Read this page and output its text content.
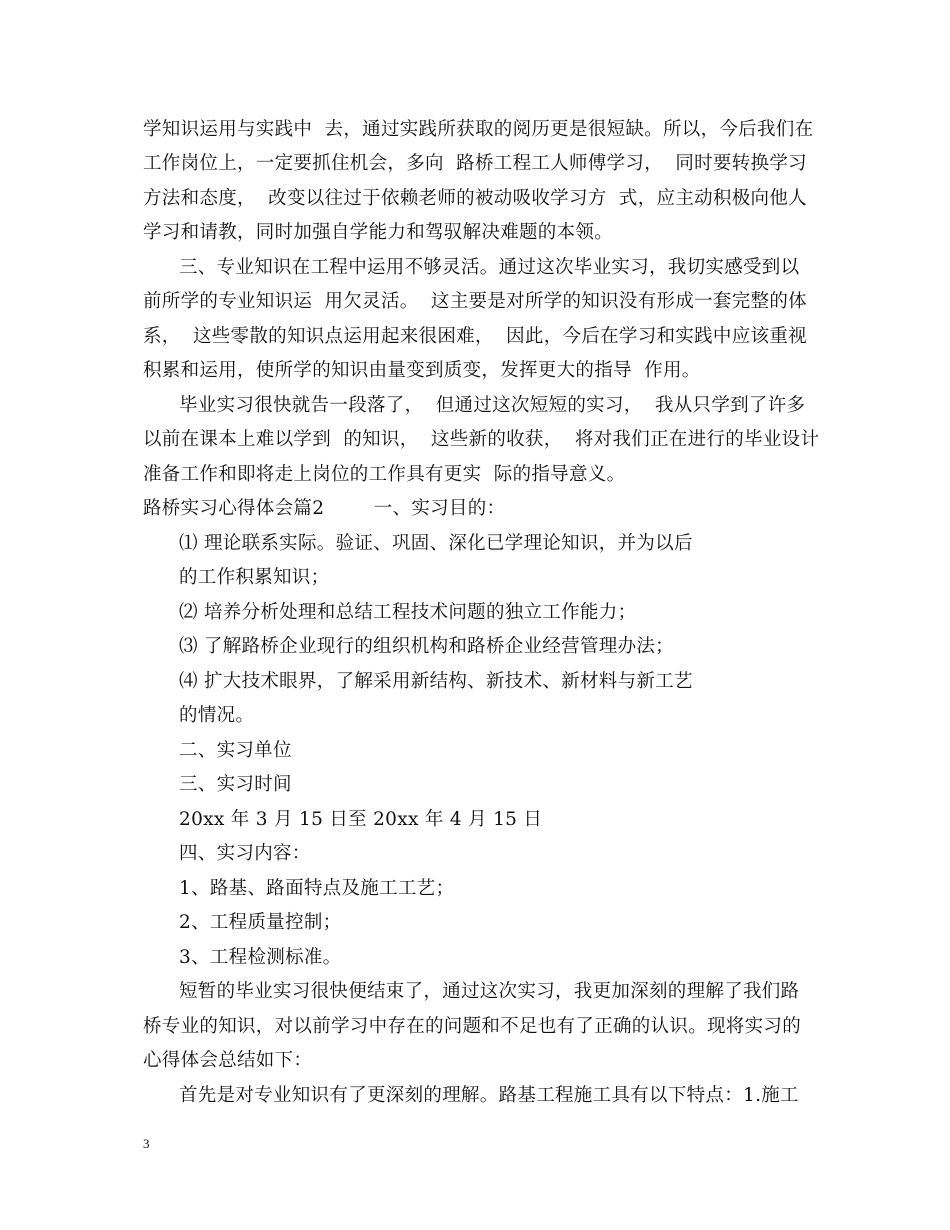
学知识运用与实践中  去，通过实践所获取的阅历更是很短缺。所以，今后我们在
工作岗位上，一定要抓住机会，多向  路桥工程工人师傅学习，  同时要转换学习
方法和态度，  改变以往过于依赖老师的被动吸收学习方  式，应主动积极向他人
学习和请教，同时加强自学能力和驾驭解决难题的本领。
三、专业知识在工程中运用不够灵活。通过这次毕业实习，我切实感受到以
前所学的专业知识运  用欠灵活。  这主要是对所学的知识没有形成一套完整的体
系，  这些零散的知识点运用起来很困难，  因此，今后在学习和实践中应该重视
积累和运用，使所学的知识由量变到质变，发挥更大的指导  作用。
毕业实习很快就告一段落了，  但通过这次短短的实习，  我从只学到了许多
以前在课本上难以学到  的知识，  这些新的收获，  将对我们正在进行的毕业设计
准备工作和即将走上岗位的工作具有更实  际的指导意义。
路桥实习心得体会篇2        一、实习目的：
⑴ 理论联系实际。验证、巩固、深化已学理论知识，并为以后
的工作积累知识；
⑵ 培养分析处理和总结工程技术问题的独立工作能力；
⑶ 了解路桥企业现行的组织机构和路桥企业经营管理办法；
⑷ 扩大技术眼界，了解采用新结构、新技术、新材料与新工艺
的情况。
二、实习单位
三、实习时间
20xx 年 3 月 15 日至 20xx 年 4 月 15 日
四、实习内容：
1、路基、路面特点及施工工艺；
2、工程质量控制；
3、工程检测标准。
短暂的毕业实习很快便结束了，通过这次实习，我更加深刻的理解了我们路
桥专业的知识，对以前学习中存在的问题和不足也有了正确的认识。现将实习的
心得体会总结如下：
首先是对专业知识有了更深刻的理解。路基工程施工具有以下特点：1.施工
3
